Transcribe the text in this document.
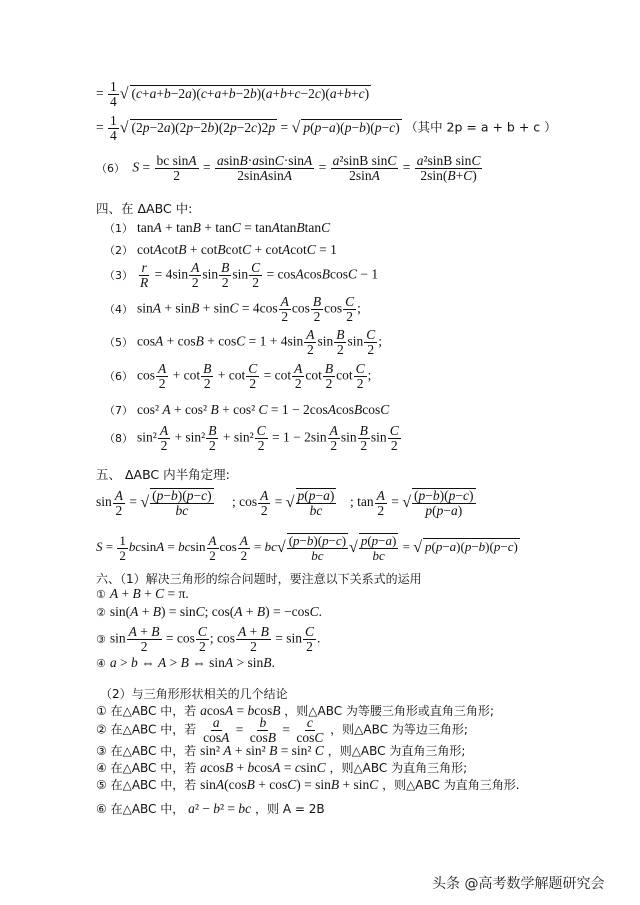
= $\frac{1}{4}$ √ (c+a+b−2a)(c+a+b−2b)(a+b+c−2c)(a+b+c)
= $\frac{1}{4}$ √ (2p−2a)(2p−2b)(2p−2c)2p = √ p(p−a)(p−b)(p−c) （其中 2p = a + b + c ）
（6） $S = \frac{\text{bc sinA}}{2} = \frac{asinB\cdot asinC\cdot\sin A}{\text{2sinAsinA}} = \frac{\text{a²sinB sinC}}{2\sin A} = \frac{\text{a²sinB sinC}}{2\sin(B+C)}$
四、在 ΔABC 中:
（1） tanA + tanB + tanC = tanAtanBtanC
（2） cotAcotB + cotBcotC + cotAcotC = 1
$(3) \frac{r}{R} = 4\sin \frac{A}{2}$ $\sin \frac{B}{2}$ $\sin \frac{C}{2}$ = cosAcosBcosC − 1
（4） $\sin A + \sin B + \sin C = 4\cos \frac{A}{2}$ $\cos \frac{B}{2}$ $\cos \frac{C}{2}$ ;
（5） $\cos A + \cos B + \cos C = 1 + 4\sin \frac{A}{2}$ $\sin \frac{B}{2}$ $\sin \frac{C}{2}$ ;
（6） $\cos \frac{A}{2} + \cot \frac{B}{2} + \cot \frac{C}{2} = \cot \frac{A}{2}$ $\cot \frac{B}{2}$ $\cot \frac{C}{2}$ ;
（7） cos² A + cos² B + cos² C = 1 − 2cosAcosBcosC
（8） $\sin^2 \frac{A}{2} + \sin^2 \frac{B}{2} + \sin^2 \frac{C}{2} = 1 - 2\sin \frac{A}{2}$ $\sin \frac{B}{2}$ $\sin \frac{C}{2}$
五、 ΔABC 内半角定理:
$\sin \frac{A}{2}$ = √ $\frac{(p-b)(p-c)}{bc}$ ; $\cos \frac{A}{2}$ = √ $\frac{p(p-a)}{bc}$ ; $\tan \frac{A}{2}$ = √ $\frac{(p-b)(p-c)}{p(p-a)}$
$S = \frac{1}{2}$ bcsinA = bcsin $\frac{A}{2}$ $\cos \frac{A}{2} = bc√ \frac{(p-b)(p-c)}{bc}$ √ $\frac{p(p-a)}{bc}$ = √ p(p−a)(p−b)(p−c)
六、（1）解决三角形的综合问题时，要注意以下关系式的运用
① A + B + C = π.
② sin(A + B) = sinC; cos(A + B) = −cosC.
③ $\sin \frac{A + B}{2} = \cos \frac{C}{2}$ ; $\cos \frac{A + B}{2} = \sin \frac{C}{2}$ .
④ a > b ⇔ A > B ⇔ sinA > sinB.
（2）与三角形形状相关的几个结论
① 在△ABC 中，若 acosA = bcosB ，则△ABC 为等腰三角形或直角三角形;
② 在△ABC 中，若 $\frac{a}{\cos A} = \frac{b}{\cos B} = \frac{c}{\cos C}$ ，则△ABC 为等边三角形;
③ 在△ABC 中，若 sin² A + sin² B = sin² C ，则△ABC 为直角三角形;
④ 在△ABC 中，若 acosB + bcosA = csinC ，则△ABC 为直角三角形;
⑤ 在△ABC 中，若 sinA(cosB + cosC) = sinB + sinC ，则△ABC 为直角三角形.
⑥ 在△ABC 中， a² − b² = bc ，则 A = 2B
头条 @高考数学解题研究会
